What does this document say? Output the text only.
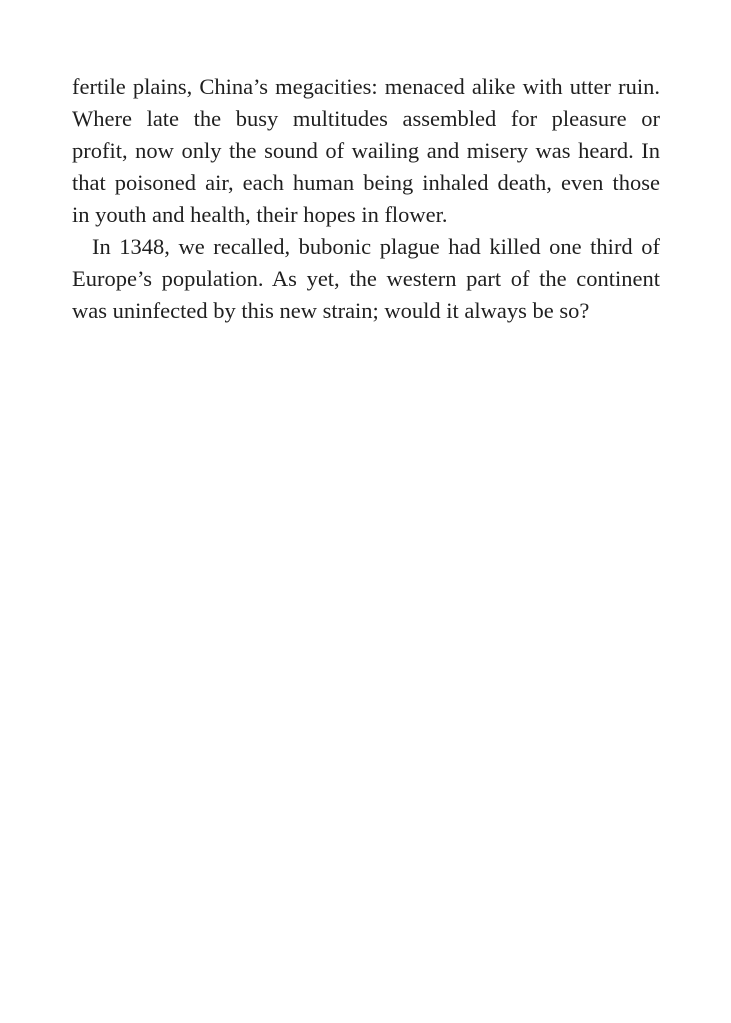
fertile plains, China’s megacities: menaced alike with utter ruin.
Where late the busy multitudes assembled for pleasure or
profit, now only the sound of wailing and misery was heard. In
that poisoned air, each human being inhaled death, even those
in youth and health, their hopes in flower.
In 1348, we recalled, bubonic plague had killed one third of
Europe’s population. As yet, the western part of the continent
was uninfected by this new strain; would it always be so?
